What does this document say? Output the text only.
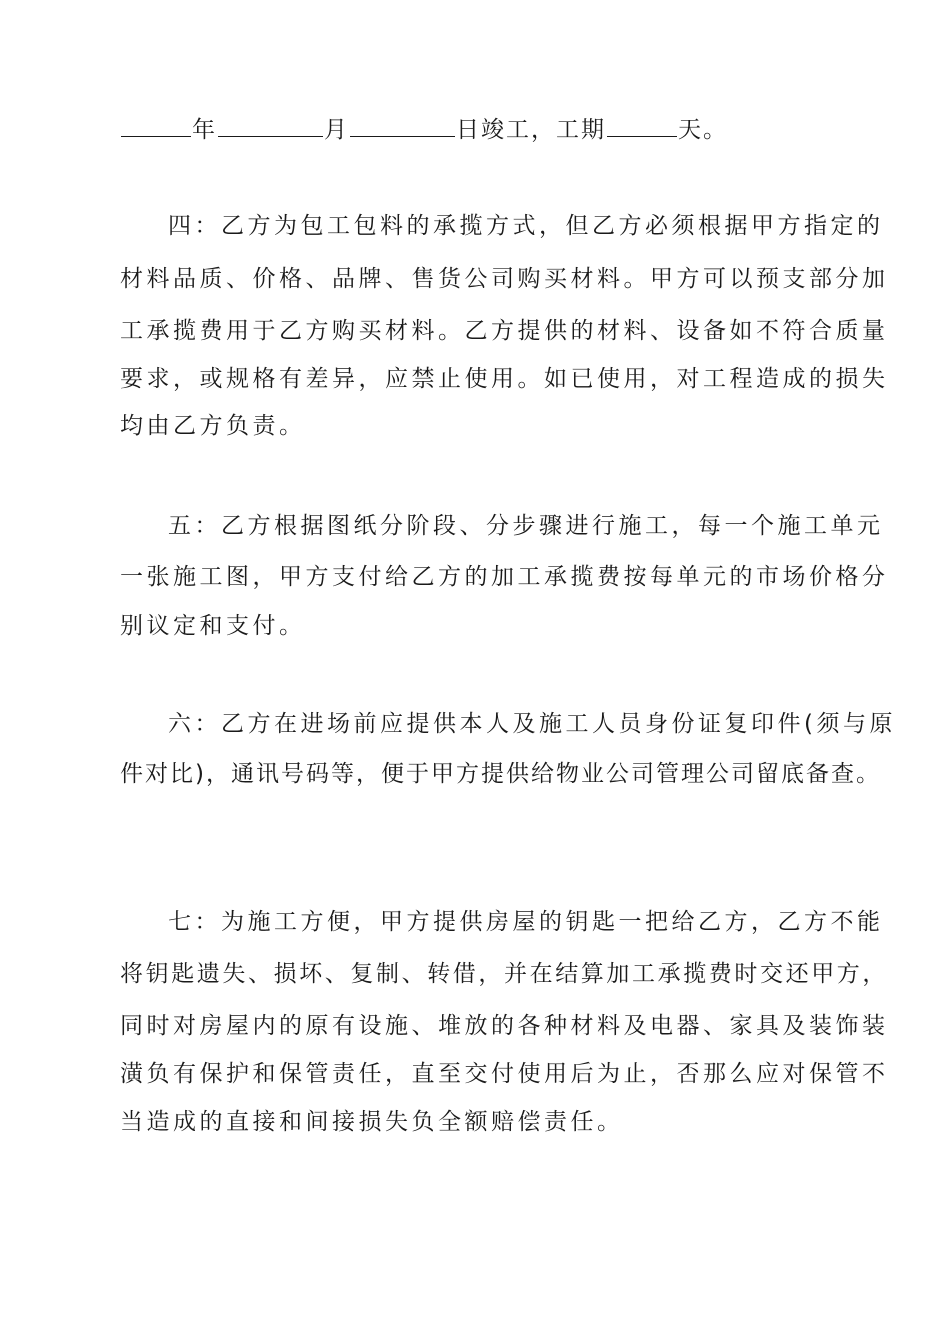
年	月	日竣工，工期	天。
四：乙方为包工包料的承揽方式，但乙方必须根据甲方指定的
材料品质、价格、品牌、售货公司购买材料。甲方可以预支部分加
工承揽费用于乙方购买材料。乙方提供的材料、设备如不符合质量
要求，或规格有差异，应禁止使用。如已使用，对工程造成的损失
均由乙方负责。
五：乙方根据图纸分阶段、分步骤进行施工，每一个施工单元
一张施工图，甲方支付给乙方的加工承揽费按每单元的市场价格分
别议定和支付。
六：乙方在进场前应提供本人及施工人员身份证复印件(须与原
件对比)，通讯号码等，便于甲方提供给物业公司管理公司留底备查。
七：为施工方便，甲方提供房屋的钥匙一把给乙方，乙方不能
将钥匙遗失、损坏、复制、转借，并在结算加工承揽费时交还甲方，
同时对房屋内的原有设施、堆放的各种材料及电器、家具及装饰装
潢负有保护和保管责任，直至交付使用后为止，否那么应对保管不
当造成的直接和间接损失负全额赔偿责任。
